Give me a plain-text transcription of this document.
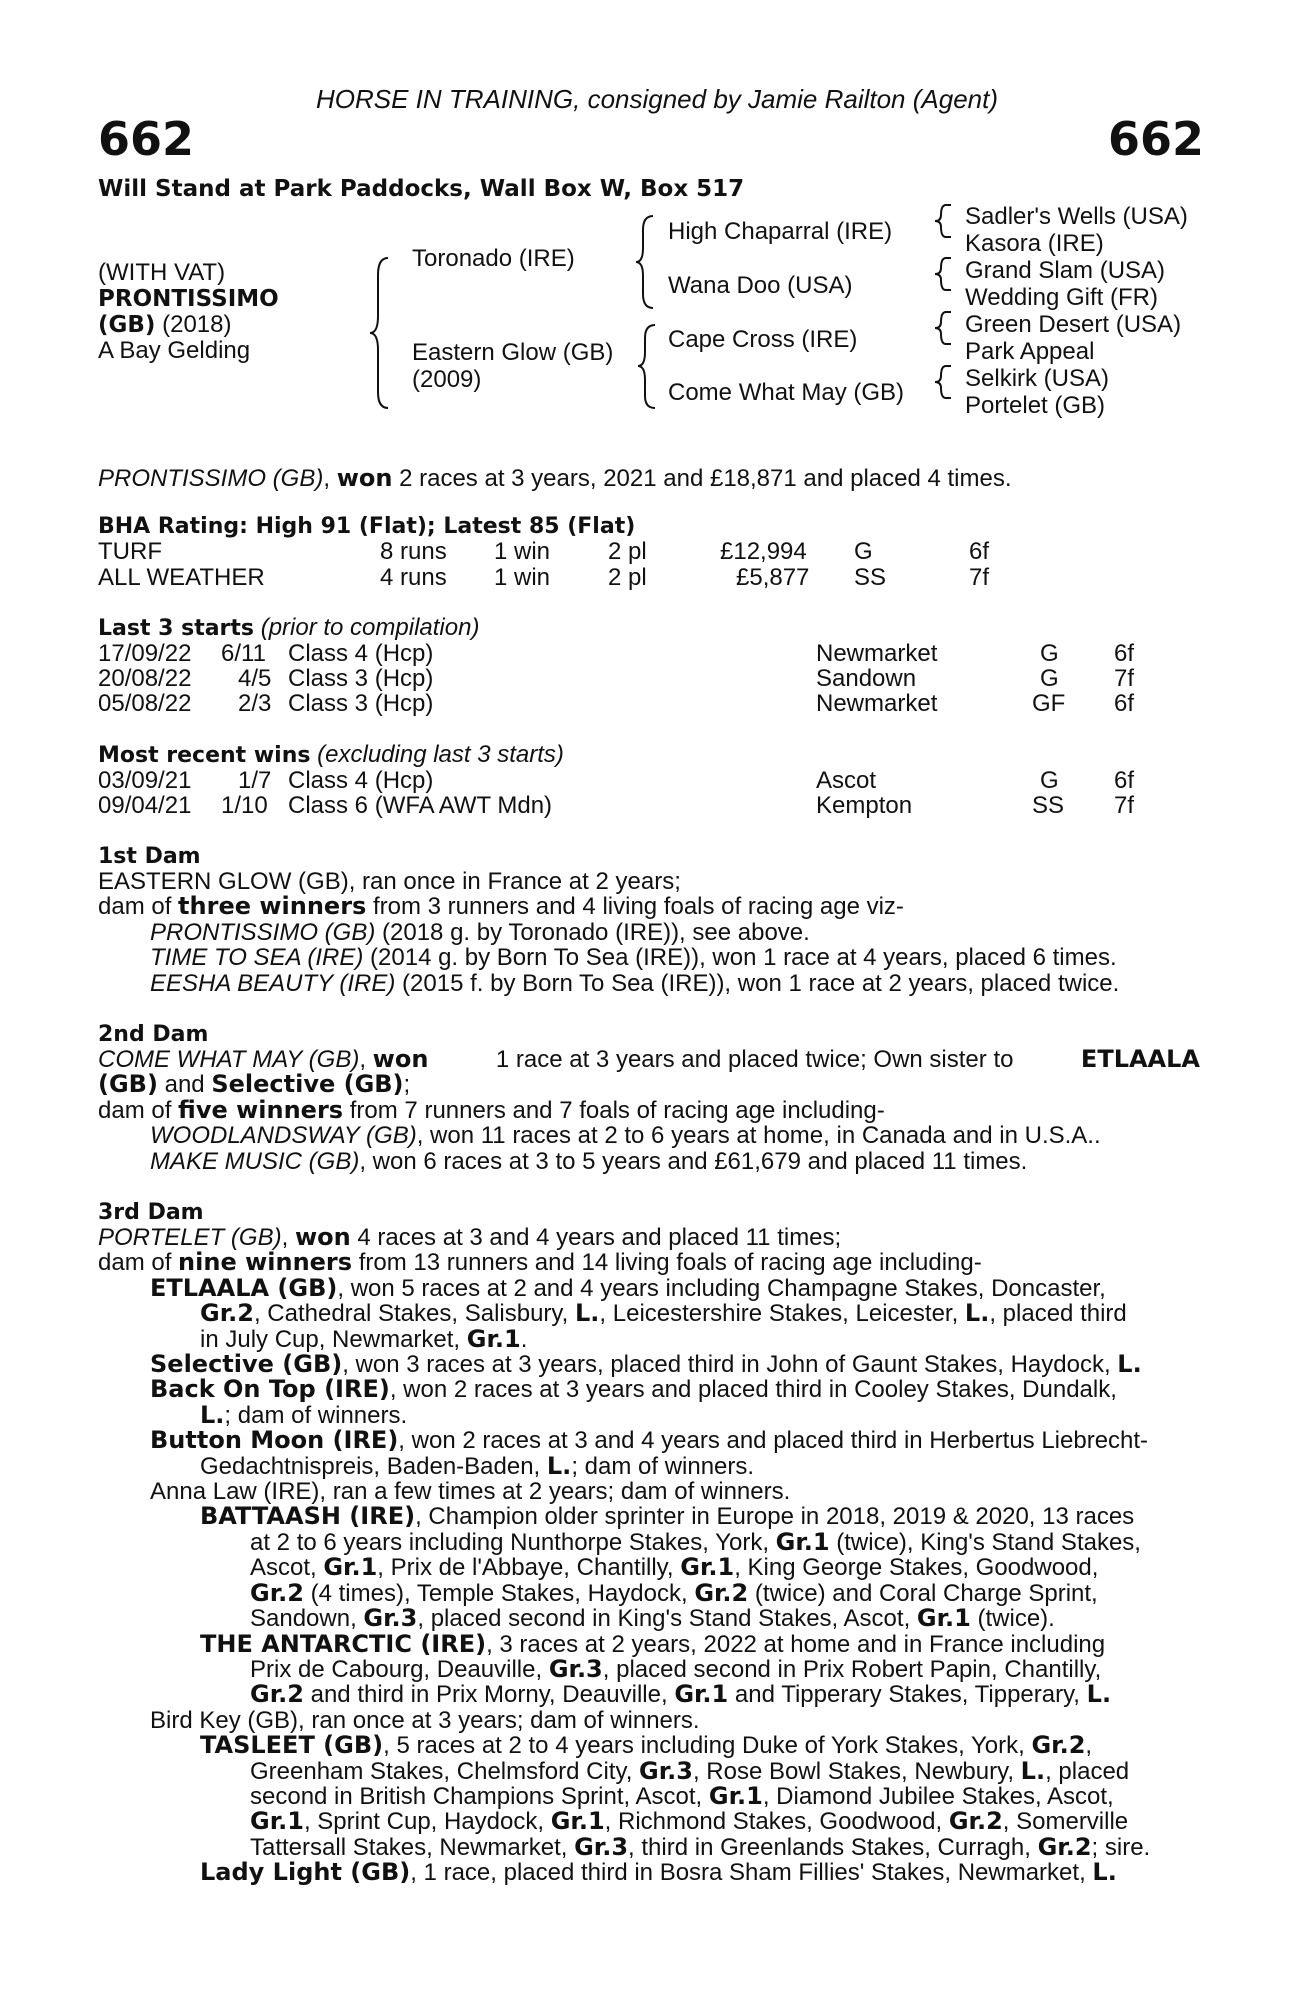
HORSE IN TRAINING, consigned by Jamie Railton (Agent)
662	662
Will Stand at Park Paddocks, Wall Box W, Box 517
(WITH VAT)
PRONTISSIMO
(GB) (2018)
A Bay Gelding
Toronado (IRE)
Eastern Glow (GB)
(2009)
High Chaparral (IRE)
Wana Doo (USA)
Cape Cross (IRE)
Come What May (GB)
Sadler's Wells (USA)
Kasora (IRE)
Grand Slam (USA)
Wedding Gift (FR)
Green Desert (USA)
Park Appeal
Selkirk (USA)
Portelet (GB)
PRONTISSIMO (GB), won 2 races at 3 years, 2021 and £18,871 and placed 4 times.
BHA Rating: High 91 (Flat); Latest 85 (Flat)
TURF	8 runs 1 win 2 pl	£12,994 G	6f
ALL WEATHER	4 runs 1 win 2 pl	£5,877 SS	7f
Last 3 starts (prior to compilation)
17/09/22 6/11 Class 4 (Hcp)	Newmarket	G 6f
20/08/22 4/5 Class 3 (Hcp)	Sandown	G 7f
05/08/22 2/3 Class 3 (Hcp)	Newmarket	GF 6f
Most recent wins (excluding last 3 starts)
03/09/21 1/7 Class 4 (Hcp)	Ascot	G 6f
09/04/21 1/10 Class 6 (WFA AWT Mdn)	Kempton	SS 7f
1st Dam
EASTERN GLOW (GB), ran once in France at 2 years;
dam of three winners from 3 runners and 4 living foals of racing age viz-
PRONTISSIMO (GB) (2018 g. by Toronado (IRE)), see above.
TIME TO SEA (IRE) (2014 g. by Born To Sea (IRE)), won 1 race at 4 years, placed 6 times.
EESHA BEAUTY (IRE) (2015 f. by Born To Sea (IRE)), won 1 race at 2 years, placed twice.
2nd Dam
COME WHAT MAY (GB), won	1 race at 3 years and placed twice; Own sister to	ETLAALA
(GB) and Selective (GB);
dam of five winners from 7 runners and 7 foals of racing age including-
WOODLANDSWAY (GB), won 11 races at 2 to 6 years at home, in Canada and in U.S.A..
MAKE MUSIC (GB), won 6 races at 3 to 5 years and £61,679 and placed 11 times.
3rd Dam
PORTELET (GB), won 4 races at 3 and 4 years and placed 11 times;
dam of nine winners from 13 runners and 14 living foals of racing age including-
ETLAALA (GB), won 5 races at 2 and 4 years including Champagne Stakes, Doncaster,
Gr.2, Cathedral Stakes, Salisbury, L., Leicestershire Stakes, Leicester, L., placed third
in July Cup, Newmarket, Gr.1.
Selective (GB), won 3 races at 3 years, placed third in John of Gaunt Stakes, Haydock, L.
Back On Top (IRE), won 2 races at 3 years and placed third in Cooley Stakes, Dundalk,
L.; dam of winners.
Button Moon (IRE), won 2 races at 3 and 4 years and placed third in Herbertus Liebrecht-
Gedachtnispreis, Baden-Baden, L.; dam of winners.
Anna Law (IRE), ran a few times at 2 years; dam of winners.
BATTAASH (IRE), Champion older sprinter in Europe in 2018, 2019 & 2020, 13 races
at 2 to 6 years including Nunthorpe Stakes, York, Gr.1 (twice), King's Stand Stakes,
Ascot, Gr.1, Prix de l'Abbaye, Chantilly, Gr.1, King George Stakes, Goodwood,
Gr.2 (4 times), Temple Stakes, Haydock, Gr.2 (twice) and Coral Charge Sprint,
Sandown, Gr.3, placed second in King's Stand Stakes, Ascot, Gr.1 (twice).
THE ANTARCTIC (IRE), 3 races at 2 years, 2022 at home and in France including
Prix de Cabourg, Deauville, Gr.3, placed second in Prix Robert Papin, Chantilly,
Gr.2 and third in Prix Morny, Deauville, Gr.1 and Tipperary Stakes, Tipperary, L.
Bird Key (GB), ran once at 3 years; dam of winners.
TASLEET (GB), 5 races at 2 to 4 years including Duke of York Stakes, York, Gr.2,
Greenham Stakes, Chelmsford City, Gr.3, Rose Bowl Stakes, Newbury, L., placed
second in British Champions Sprint, Ascot, Gr.1, Diamond Jubilee Stakes, Ascot,
Gr.1, Sprint Cup, Haydock, Gr.1, Richmond Stakes, Goodwood, Gr.2, Somerville
Tattersall Stakes, Newmarket, Gr.3, third in Greenlands Stakes, Curragh, Gr.2; sire.
Lady Light (GB), 1 race, placed third in Bosra Sham Fillies' Stakes, Newmarket, L.
